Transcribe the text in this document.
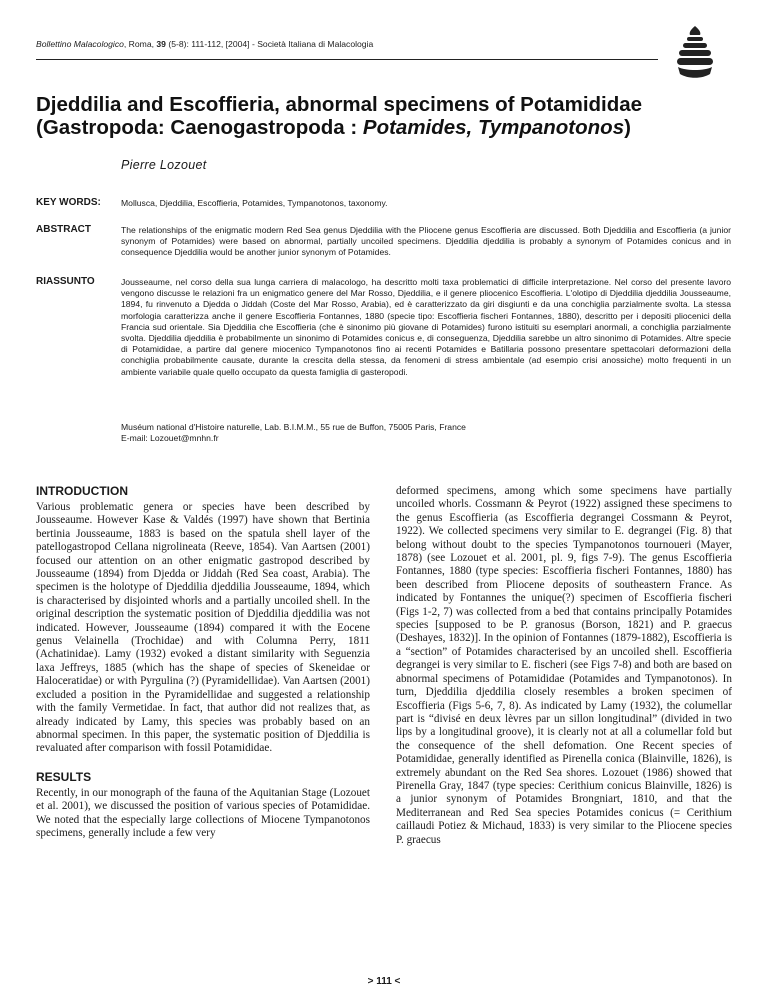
Bollettino Malacologico, Roma, 39 (5-8): 111-112, [2004] - Società Italiana di Malacologia
Djeddilia and Escoffieria, abnormal specimens of Potamididae
(Gastropoda: Caenogastropoda : Potamides, Tympanotonos)
Pierre Lozouet
KEY WORDS: Mollusca, Djeddilia, Escoffieria, Potamides, Tympanotonos, taxonomy.
ABSTRACT	The relationships of the enigmatic modern Red Sea genus Djeddilia with the Pliocene genus Escoffieria are discussed. Both Djeddilia and Escoffieria (a junior synonym of Potamides) were based on abnormal, partially uncoiled specimens. Djeddilia djeddilia is probably a synonym of Potamides conicus and in consequence Djeddilia would be another junior synonym of Potamides.
RIASSUNTO	Jousseaume, nel corso della sua lunga carriera di malacologo, ha descritto molti taxa problematici di difficile interpretazione. Nel corso del presente lavoro vengono discusse le relazioni fra un enigmatico genere del Mar Rosso, Djeddilia, e il genere pliocenico Escoffieria. L'olotipo di Djeddilia djeddilia Jousseaume, 1894, fu rinvenuto a Djedda o Jiddah (Coste del Mar Rosso, Arabia), ed è caratterizzato da giri disgiunti e da una conchiglia parzialmente svolta. La stessa morfologia caratterizza anche il genere Escoffieria Fontannes, 1880 (specie tipo: Escoffieria fischeri Fontannes, 1880), descritto per i depositi pliocenici della Francia sud orientale. Sia Djeddilia che Escoffieria (che è sinonimo più giovane di Potamides) furono istituiti su esemplari anormali, a conchiglia parzialmente svolta. Djeddilia djeddilia è probabilmente un sinonimo di Potamides conicus e, di conseguenza, Djeddilia sarebbe un altro sinonimo di Potamides. Altre specie di Potamididae, a partire dal genere miocenico Tympanotonos fino ai recenti Potamides e Batillaria possono presentare spettacolari deformazioni della conchiglia probabilmente causate, durante la crescita della stessa, da fenomeni di stress ambientale (ad esempio crisi anossiche) molto frequenti in un ambiente variabile quale quello occupato da questa famiglia di gasteropodi.
Muséum national d'Histoire naturelle, Lab. B.I.M.M., 55 rue de Buffon, 75005 Paris, France
E-mail: Lozouet@mnhn.fr
INTRODUCTION
Various problematic genera or species have been described by Jousseaume. However Kase & Valdés (1997) have shown that Bertinia bertinia Jousseaume, 1883 is based on the spatula shell layer of the patellogastropod Cellana nigrolineata (Reeve, 1854). Van Aartsen (2001) focused our attention on an other enigmatic gastropod described by Jousseaume (1894) from Djedda or Jiddah (Red Sea coast, Arabia). The specimen is the holotype of Djeddilia djeddilia Jousseaume, 1894, which is characterised by disjointed whorls and a partially uncoiled shell. In the original description the systematic position of Djeddilia djeddilia was not indicated. However, Jousseaume (1894) compared it with the Eocene genus Velainella (Trochidae) and with Columna Perry, 1811 (Achatinidae). Lamy (1932) evoked a distant similarity with Seguenzia laxa Jeffreys, 1885 (which has the shape of species of Skeneidae or Haloceratidae) or with Pyrgulina (?) (Pyramidellidae). Van Aartsen (2001) excluded a position in the Pyramidellidae and suggested a relationship with the family Vermetidae. In fact, that author did not realizes that, as already indicated by Lamy, this species was probably based on an abnormal specimen. In this paper, the systematic position of Djeddilia is revaluated after comparison with fossil Potamididae.
RESULTS
Recently, in our monograph of the fauna of the Aquitanian Stage (Lozouet et al. 2001), we discussed the position of various species of Potamididae. We noted that the especially large collections of Miocene Tympanotonos specimens, generally include a few very
deformed specimens, among which some specimens have partially uncoiled whorls. Cossmann & Peyrot (1922) assigned these specimens to the genus Escoffieria (as Escoffieria degrangei Cossmann & Peyrot, 1922). We collected specimens very similar to E. degrangei (Fig. 8) that belong without doubt to the species Tympanotonos tournoueri (Mayer, 1878) (see Lozouet et al. 2001, pl. 9, figs 7-9). The genus Escoffieria Fontannes, 1880 (type species: Escoffieria fischeri Fontannes, 1880) has been described from Pliocene deposits of southeastern France. As indicated by Fontannes the unique(?) specimen of Escoffieria fischeri (Figs 1-2, 7) was collected from a bed that contains principally Potamides species [supposed to be P. granosus (Borson, 1821) and P. graecus (Deshayes, 1832)]. In the opinion of Fontannes (1879-1882), Escoffieria is a “section” of Potamides characterised by an uncoiled shell. Escoffieria degrangei is very similar to E. fischeri (see Figs 7-8) and both are based on abnormal specimens of Potamididae (Potamides and Tympanotonos). In turn, Djeddilia djeddilia closely resembles a broken specimen of Escoffieria (Figs 5-6, 7, 8). As indicated by Lamy (1932), the columellar part is “divisé en deux lèvres par un sillon longitudinal” (divided in two lips by a longitudinal groove), it is clearly not at all a columellar fold but the consequence of the shell defomation. One Recent species of Potamididae, generally identified as Pirenella conica (Blainville, 1826), is extremely abundant on the Red Sea shores. Lozouet (1986) showed that Pirenella Gray, 1847 (type species: Cerithium conicus Blainville, 1826) is a junior synonym of Potamides Brongniart, 1810, and that the Mediterranean and Red Sea species Potamides conicus (= Cerithium caillaudi Potiez & Michaud, 1833) is very similar to the Pliocene species P. graecus
> 111 <
